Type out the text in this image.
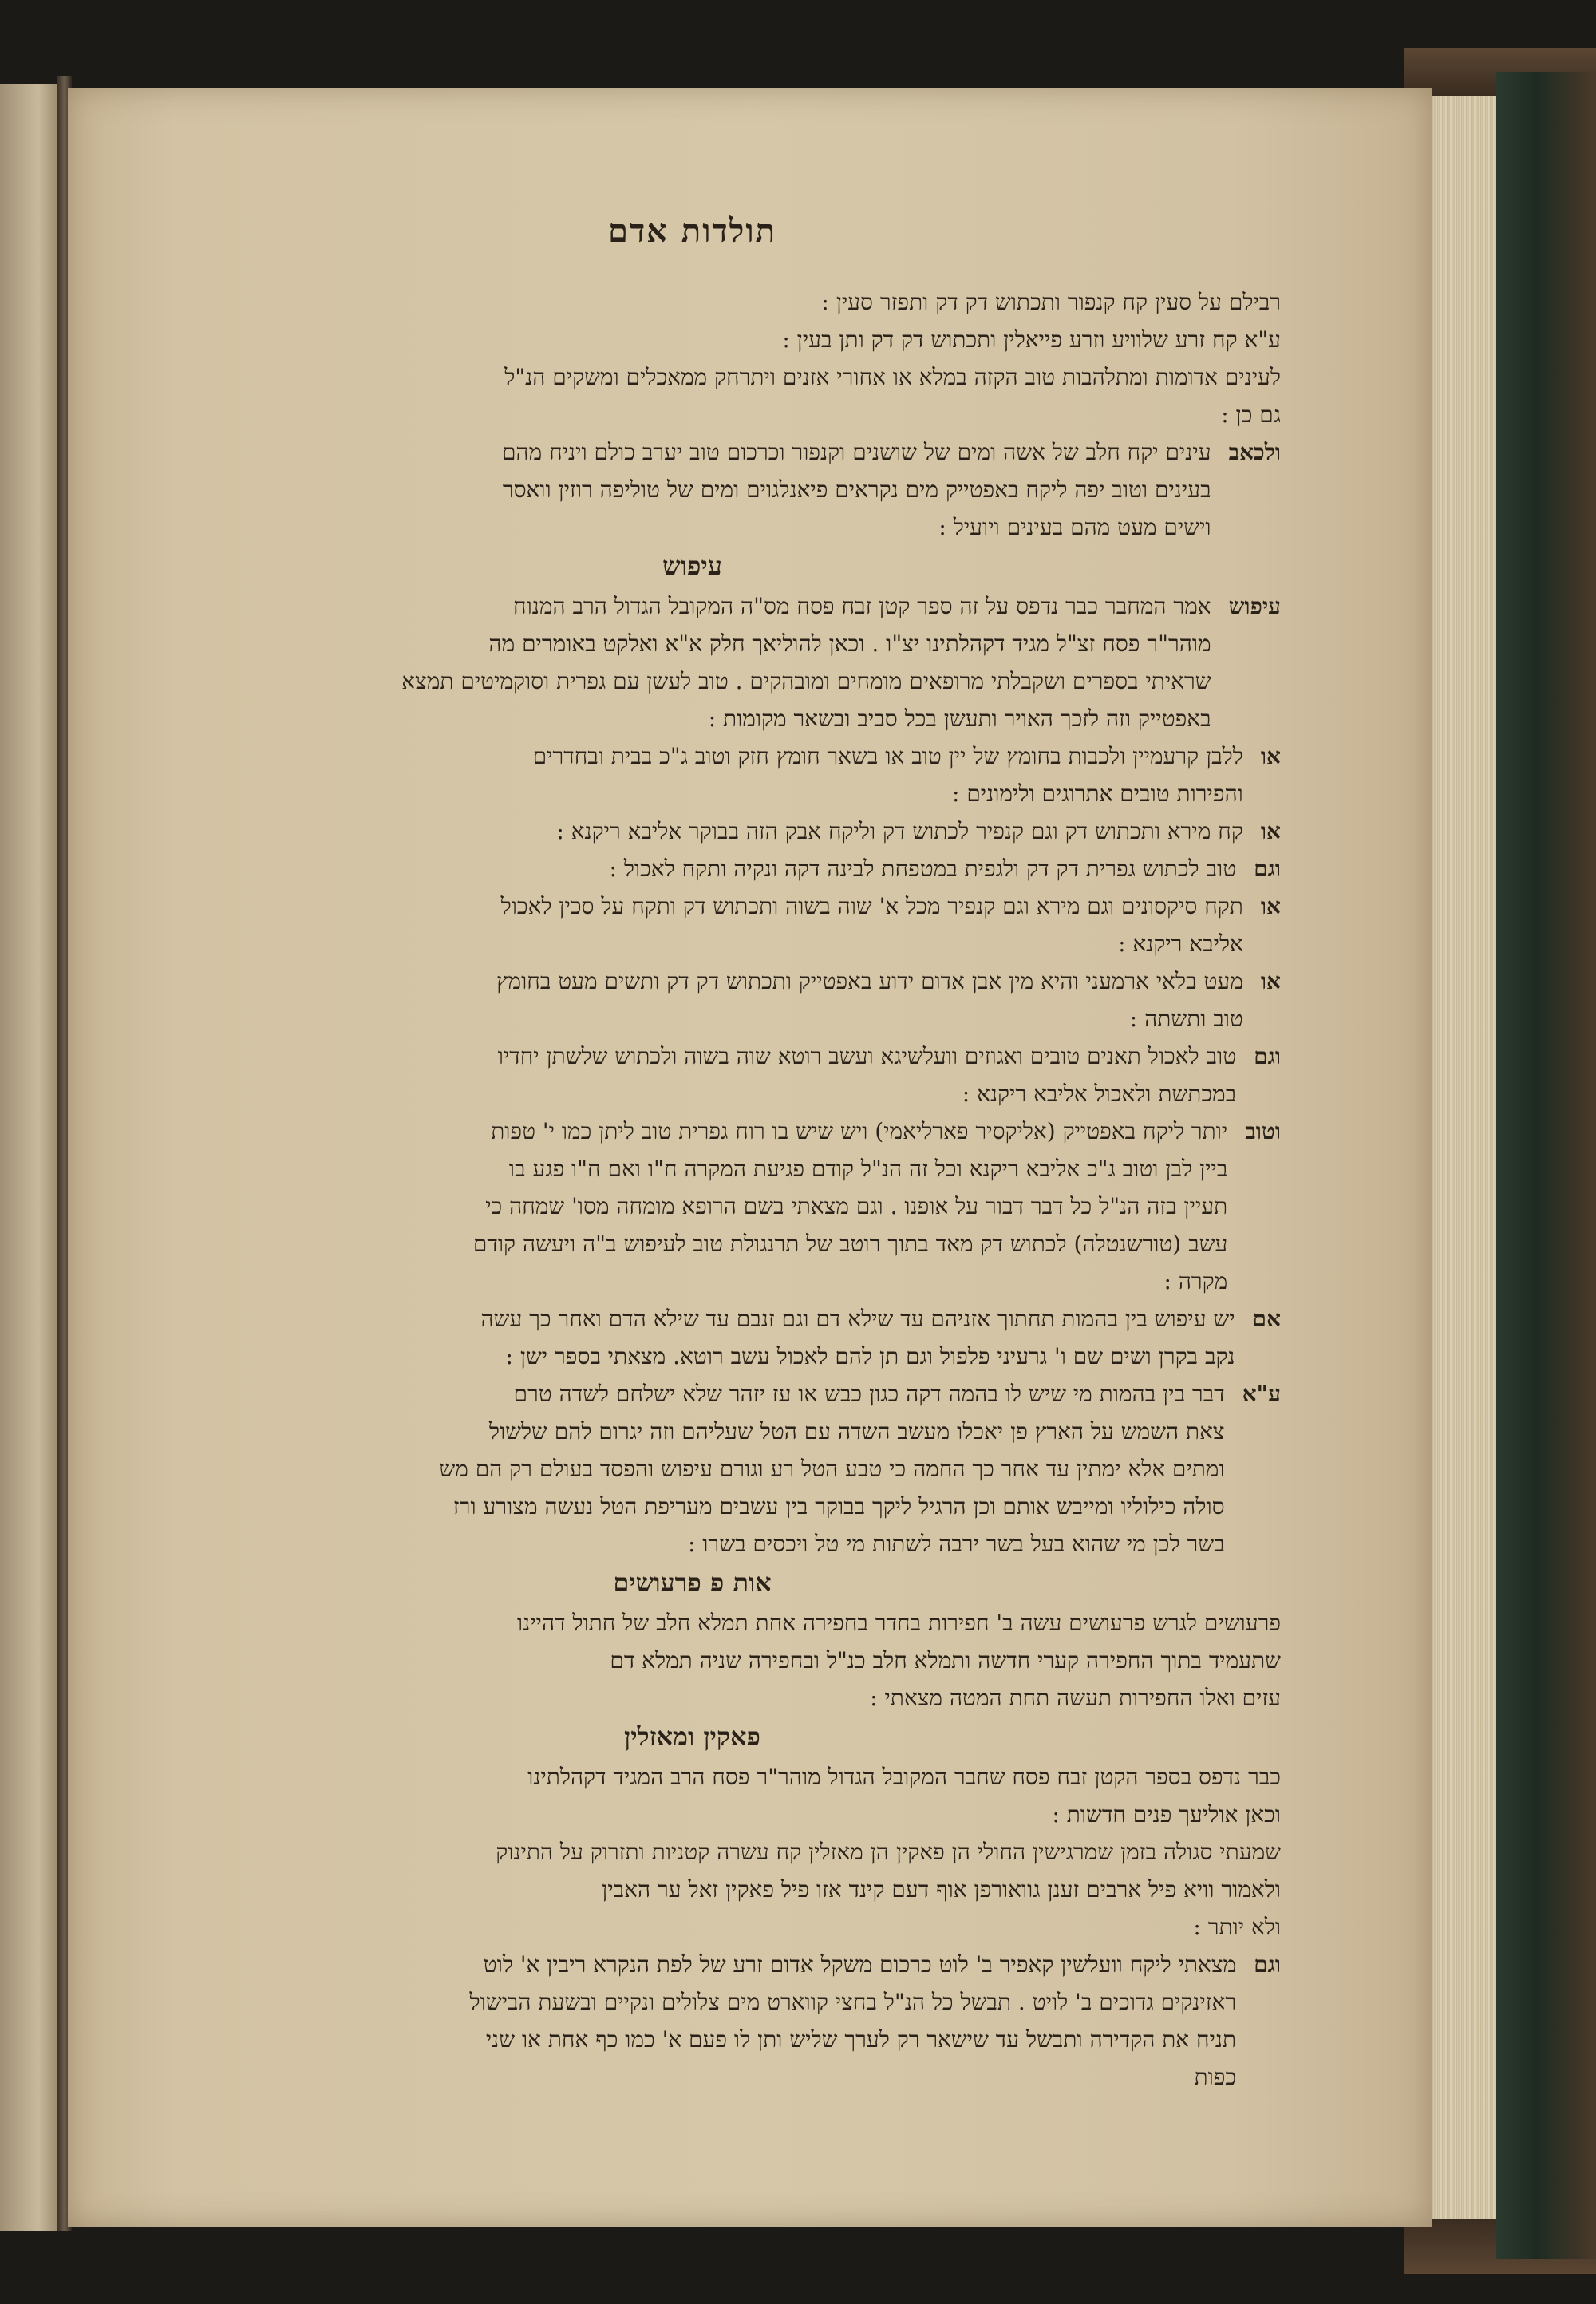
תולדות אדם
רבילם על סעין קח קנפור ותכתוש דק דק ותפזר סעין :
ע"א קח זרע שלוויע וזרע פייאלין ותכתוש דק דק ותן בעין :
לעינים אדומות ומתלהבות טוב הקזה במלא או אחורי אזנים ויתרחק ממאכלים ומשקים הנ"ל
גם כן :
ולכאב
עינים יקח חלב של אשה ומים של שושנים וקנפור וכרכום טוב יערב כולם ויניח מהם
בעינים וטוב יפה ליקח באפטייק מים נקראים פיאנלגוים ומים של טוליפה רוזין וואסר
וישים מעט מהם בעינים ויועיל :
עיפוש
עיפוש
אמר המחבר כבר נדפס על זה ספר קטן זבח פסח מס"ה המקובל הגדול הרב המנוח
מוהר"ר פסח זצ"ל מגיד דקהלתינו יצ"ו . וכאן להוליאך חלק א"א ואלקט באומרים מה
שראיתי בספרים ושקבלתי מרופאים מומחים ומובהקים . טוב לעשן עם גפרית וסוקמיטים תמצא
באפטייק וזה לזכך האויר ותעשן בכל סביב ובשאר מקומות :
או
ללבן קרעמיין ולכבות בחומץ של יין טוב או בשאר חומץ חזק וטוב ג"כ בבית ובחדרים
והפירות טובים אתרוגים ולימונים :
או
קח מירא ותכתוש דק וגם קנפיר לכתוש דק וליקח אבק הזה בבוקר אליבא ריקנא :
וגם
טוב לכתוש גפרית דק דק ולגפית במטפחת לבינה דקה ונקיה ותקח לאכול :
או
תקח סיקסונים וגם מירא וגם קנפיר מכל א' שוה בשוה ותכתוש דק ותקח על סכין לאכול
אליבא ריקנא :
או
מעט בלאי ארמעני והיא מין אבן אדום ידוע באפטייק ותכתוש דק דק ותשים מעט בחומץ
טוב ותשתה :
וגם
טוב לאכול תאנים טובים ואגוזים וועלשיגא ועשב רוטא שוה בשוה ולכתוש שלשתן יחדיו
במכתשת ולאכול אליבא ריקנא :
וטוב
יותר ליקח באפטייק (אליקסיר פארליאמי) ויש שיש בו רוח גפרית טוב ליתן כמו י' טפות
ביין לבן וטוב ג"כ אליבא ריקנא וכל זה הנ"ל קודם פגיעת המקרה ח"ו ואם ח"ו פגע בו
תעיין בזה הנ"ל כל דבר דבור על אופנו . וגם מצאתי בשם הרופא מומחה מסו' שמחה כי
עשב (טורשנטלה) לכתוש דק מאד בתוך רוטב של תרנגולת טוב לעיפוש ב"ה ויעשה קודם
מקרה :
אם
יש עיפוש בין בהמות תחתוך אזניהם עד שילא דם וגם זנבם עד שילא הדם ואחר כך עשה
נקב בקרן ושים שם ו' גרעיני פלפול וגם תן להם לאכול עשב רוטא. מצאתי בספר ישן :
ע"א
דבר בין בהמות מי שיש לו בהמה דקה כגון כבש או עז יזהר שלא ישלחם לשדה טרם
צאת השמש על הארץ פן יאכלו מעשב השדה עם הטל שעליהם וזה יגרום להם שלשול
ומתים אלא ימתין עד אחר כך החמה כי טבע הטל רע וגורם עיפוש והפסד בעולם רק הם מש
סולה כילוליו ומייבש אותם וכן הרגיל ליקך בבוקר בין עשבים מעריפת הטל נעשה מצורע ורז
בשר לכן מי שהוא בעל בשר ירבה לשתות מי טל ויכסים בשרו :
אות פ פרעושים
פרעושים לגרש פרעושים עשה ב' חפירות בחדר בחפירה אחת תמלא חלב של חתול דהיינו
שתעמיד בתוך החפירה קערי חדשה ותמלא חלב כנ"ל ובחפירה שניה תמלא דם
עזים ואלו החפירות תעשה תחת המטה מצאתי :
פאקין ומאזלין
כבר נדפס בספר הקטן זבח פסח שחבר המקובל הגדול מוהר"ר פסח הרב המגיד דקהלתינו
וכאן אוליעך פנים חדשות :
שמעתי סגולה בזמן שמרגישין החולי הן פאקין הן מאזלין קח עשרה קטניות ותזרוק על התינוק
ולאמור וויא פיל ארבים זענן גוואורפן אוף דעם קינד אזו פיל פאקין זאל ער האבין
ולא יותר :
וגם
מצאתי ליקח וועלשין קאפיר ב' לוט כרכום משקל אדום זרע של לפת הנקרא ריבין א' לוט
ראזינקים גדוכים ב' לויט . תבשל כל הנ"ל בחצי קווארט מים צלולים ונקיים ובשעת הבישול
תניח את הקדירה ותבשל עד שישאר רק לערך שליש ותן לו פעם א' כמו כף אחת או שני
כפות
